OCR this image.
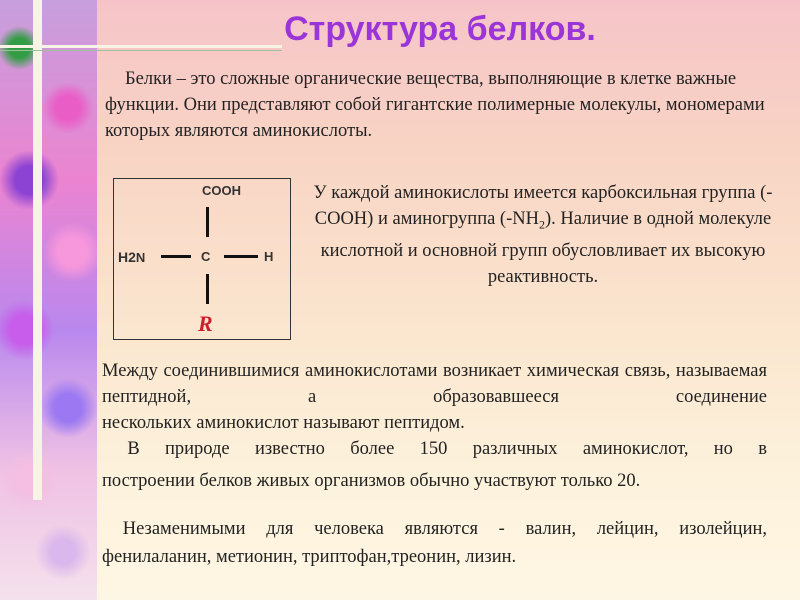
Структура белков.
Белки – это сложные органические вещества, выполняющие в клетке важные функции. Они представляют собой гигантские полимерные молекулы, мономерами которых являются аминокислоты.
COOH
H2N	C	H
R
У каждой аминокислоты имеется карбоксильная группа (-COOH) и аминогруппа $(-NH_2)$. Наличие в одной молекуле кислотной и основной групп обусловливает их высокую реактивность.
Между соединившимися аминокислотами возникает химическая связь, называемая пептидной, а образовавшееся соединение
нескольких аминокислот называют пептидом.
В природе известно более 150 различных аминокислот, но в
построении белков живых организмов обычно участвуют только 20.
Незаменимыми для человека являются - валин, лейцин, изолейцин,
фенилаланин, метионин, триптофан,треонин, лизин.
